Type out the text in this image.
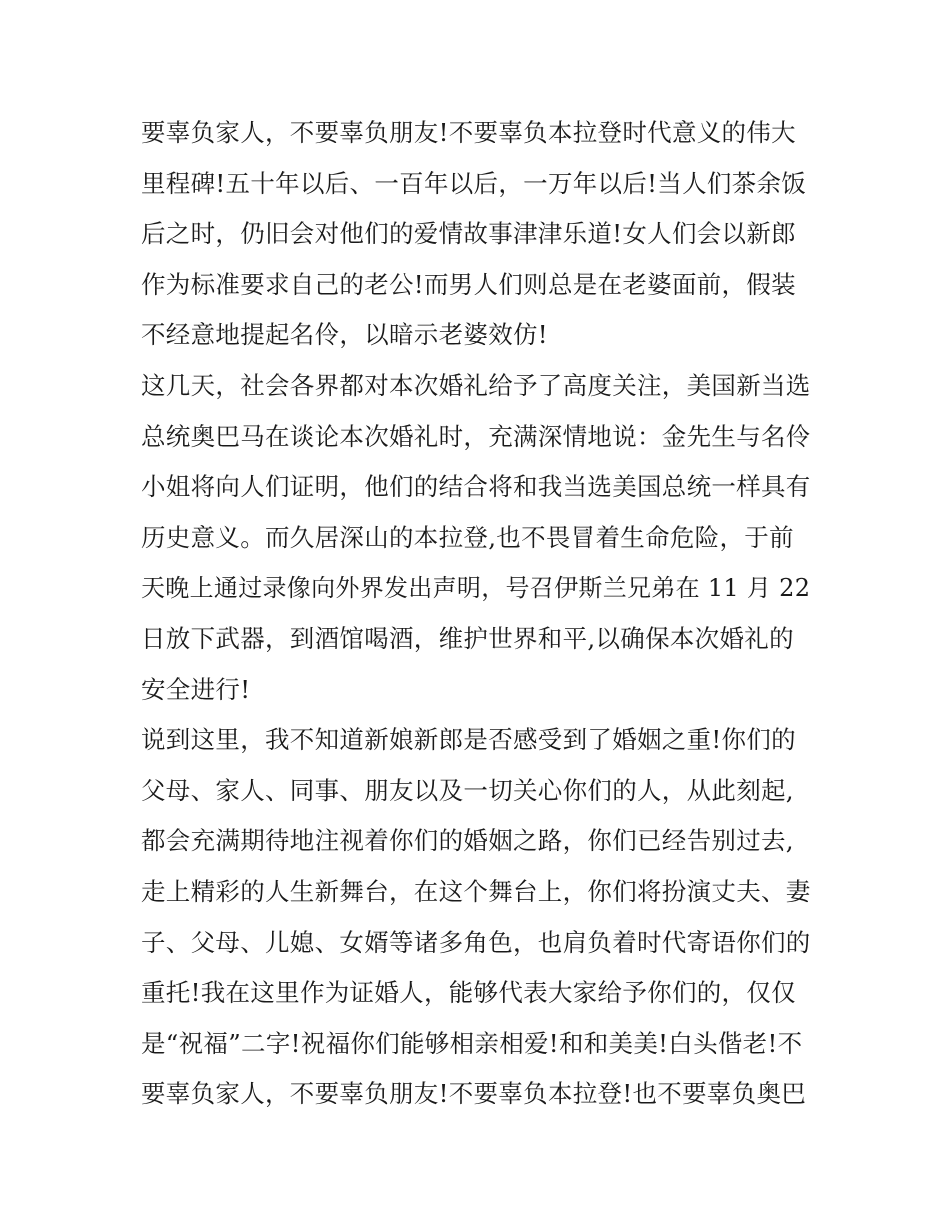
要辜负家人，不要辜负朋友!不要辜负本拉登时代意义的伟大
里程碑!五十年以后、一百年以后，一万年以后!当人们茶余饭
后之时，仍旧会对他们的爱情故事津津乐道!女人们会以新郎
作为标准要求自己的老公!而男人们则总是在老婆面前，假装
不经意地提起名伶，以暗示老婆效仿!
这几天，社会各界都对本次婚礼给予了高度关注，美国新当选
总统奥巴马在谈论本次婚礼时，充满深情地说：金先生与名伶
小姐将向人们证明，他们的结合将和我当选美国总统一样具有
历史意义。而久居深山的本拉登,也不畏冒着生命危险，于前
天晚上通过录像向外界发出声明，号召伊斯兰兄弟在 11 月 22
日放下武器，到酒馆喝酒，维护世界和平,以确保本次婚礼的
安全进行!
说到这里，我不知道新娘新郎是否感受到了婚姻之重!你们的
父母、家人、同事、朋友以及一切关心你们的人，从此刻起,
都会充满期待地注视着你们的婚姻之路，你们已经告别过去,
走上精彩的人生新舞台，在这个舞台上，你们将扮演丈夫、妻
子、父母、儿媳、女婿等诸多角色，也肩负着时代寄语你们的
重托!我在这里作为证婚人，能够代表大家给予你们的，仅仅
是“祝福”二字!祝福你们能够相亲相爱!和和美美!白头偕老!不
要辜负家人，不要辜负朋友!不要辜负本拉登!也不要辜负奥巴
